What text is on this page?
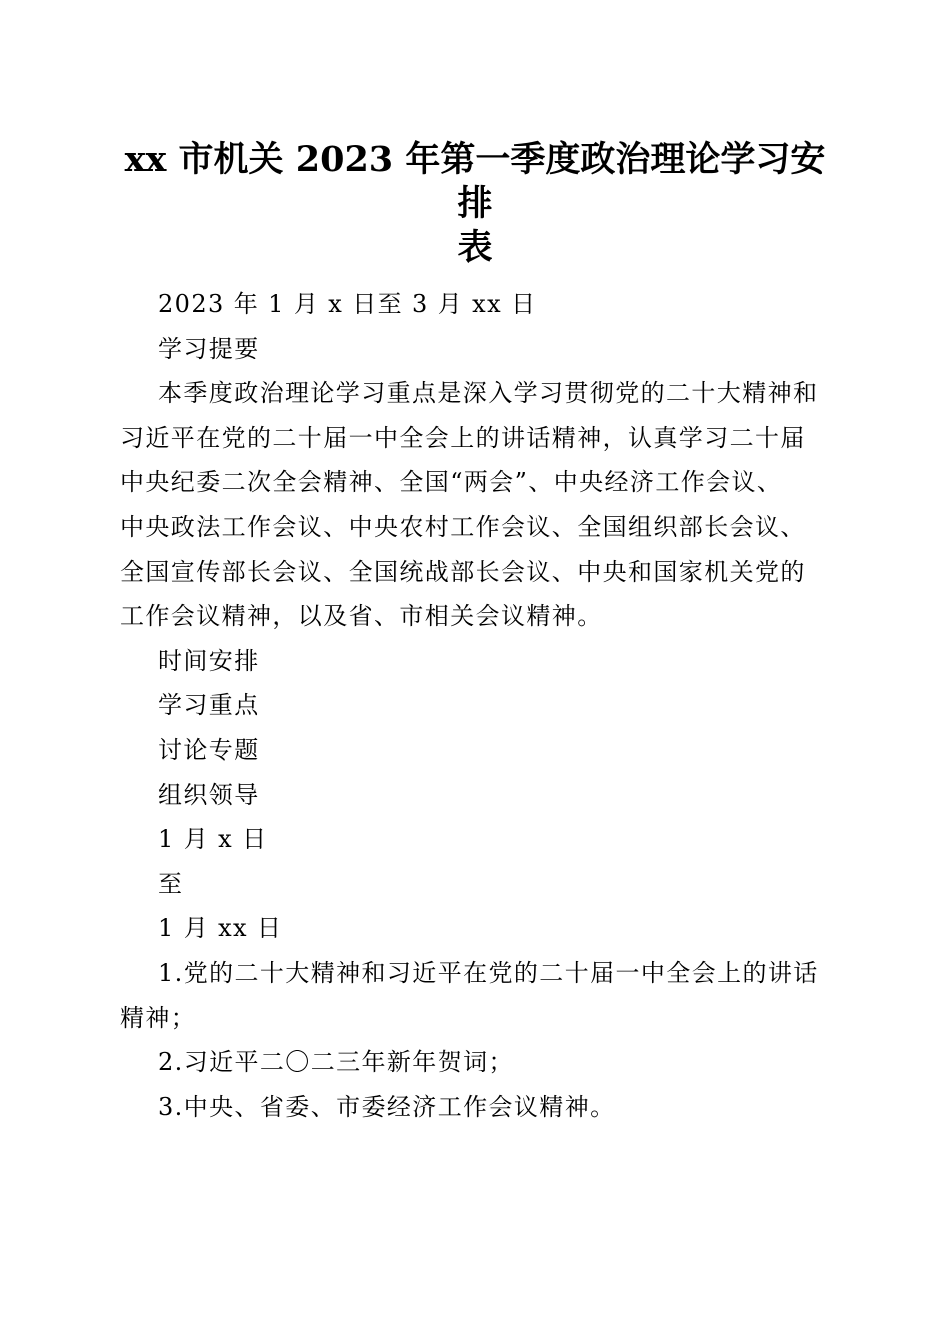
xx 市机关 2023 年第一季度政治理论学习安排
表

2023 年 1 月 x 日至 3 月 xx 日

学习提要

本季度政治理论学习重点是深入学习贯彻党的二十大精神和
习近平在党的二十届一中全会上的讲话精神，认真学习二十届
中央纪委二次全会精神、全国“两会”、中央经济工作会议、
中央政法工作会议、中央农村工作会议、全国组织部长会议、
全国宣传部长会议、全国统战部长会议、中央和国家机关党的
工作会议精神，以及省、市相关会议精神。

时间安排

学习重点

讨论专题

组织领导

1 月 x 日

至

1 月 xx 日

1.党的二十大精神和习近平在党的二十届一中全会上的讲话
精神；

2.习近平二〇二三年新年贺词；

3.中央、省委、市委经济工作会议精神。
